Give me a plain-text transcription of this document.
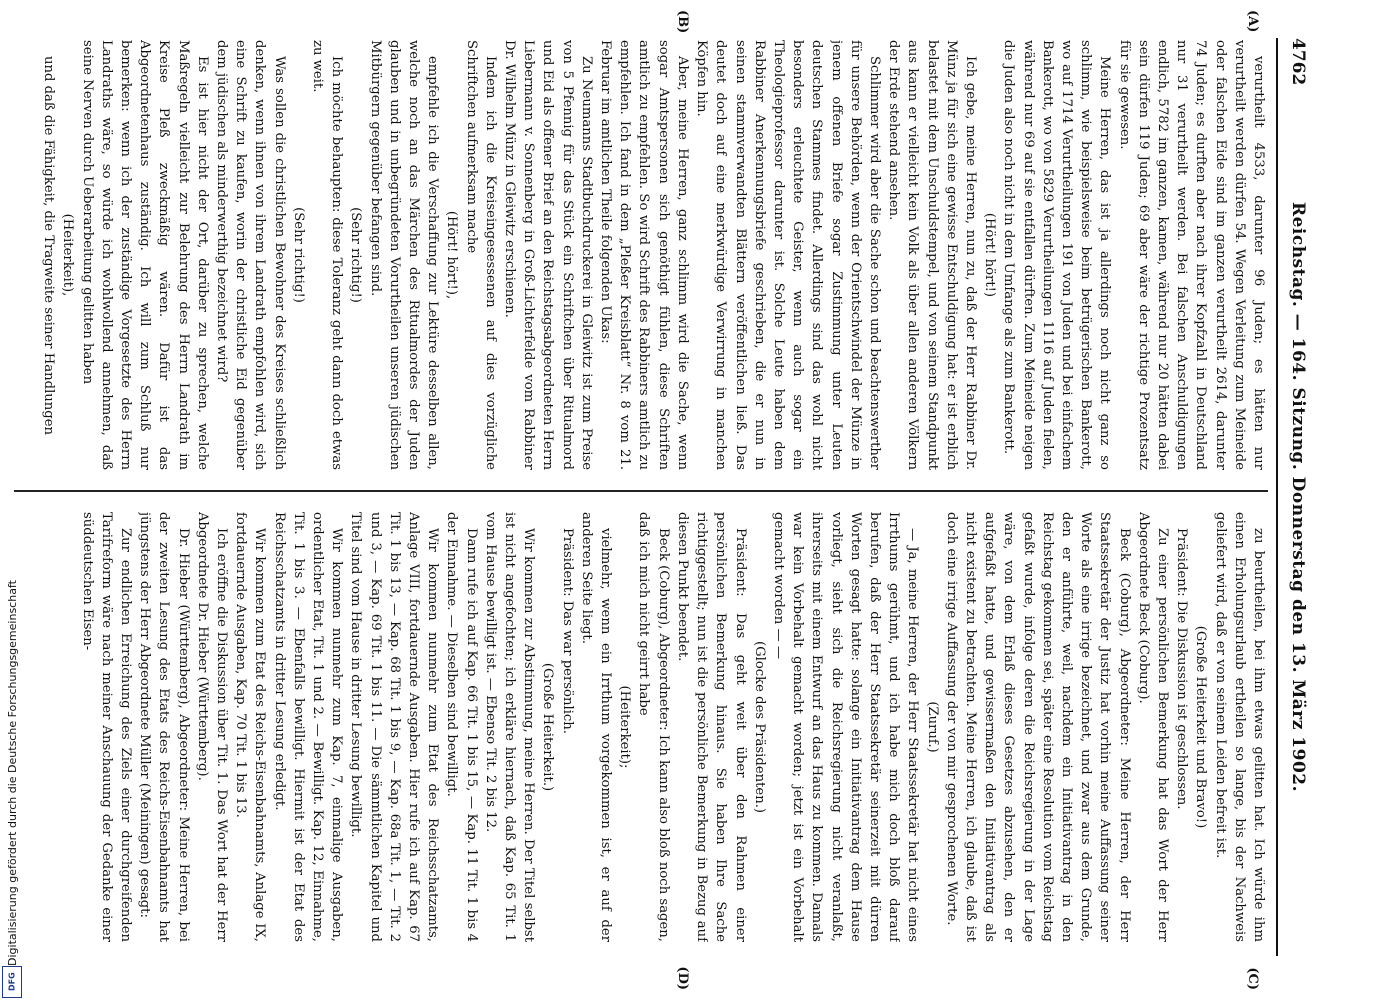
4762
Reichstag. — 164. Sitzung. Donnerstag den 13. März 1902.
(A)
(B)
(C)
(D)

verurtheilt 4533, darunter 96 Juden; es hätten nur verurtheilt werden dürfen 54. Wegen Verleitung zum Meineide oder falschen Eide sind im ganzen verurtheilt 2614, darunter 74 Juden; es durften aber nach ihrer Kopfzahl in Deutschland nur 31 verurtheilt werden. Bei falschen Anschuldigungen endlich, 5782 im ganzen, kamen, während nur 20 hätten dabei sein dürfen 119 Juden; 69 aber wäre der richtige Prozentsatz für sie gewesen.

Meine Herren, das ist ja allerdings noch nicht ganz so schlimm, wie beispielsweise beim betrügerischen Bankerott, wo auf 1714 Verurtheilungen 191 von Juden und bei einfachem Bankerott, wo von 5829 Verurtheilungen 1116 auf Juden fielen, während nur 69 auf sie entfallen dürften. Zum Meineide neigen die Juden also noch nicht in dem Umfange als zum Bankerott.

(Hört! hört!)

Ich gebe, meine Herren, nun zu, daß der Herr Rabbiner Dr. Münz ja für sich eine gewisse Entschuldigung hat: er ist erblich belastet mit dem Unschuldstempel, und von seinem Standpunkt aus kann er vielleicht kein Volk als über allen anderen Völkern der Erde stehend ansehen.

Schlimmer wird aber die Sache schon und beachtenswerther für unsere Behörden, wenn der Orientschwindel der Münze in jenem offenen Briefe sogar Zustimmung unter Leuten deutschen Stammes findet. Allerdings sind das wohl nicht besonders erleuchtete Geister, wenn auch sogar ein Theologieprofessor darunter ist. Solche Leute haben dem Rabbiner Anerkennungsbriefe geschrieben, die er nun in seinen stammverwandten Blättern veröffentlichen ließ. Das deutet doch auf eine merkwürdige Verwirrung in manchen Köpfen hin.

Aber, meine Herren, ganz schlimm wird die Sache, wenn sogar Amtspersonen sich genöthigt fühlen, diese Schriften amtlich zu empfehlen. So wird Schrift des Rabbiners amtlich zu empfehlen. Ich fand in dem „Pleßer Kreisblatt“ Nr. 8 vom 21. Februar im amtlichen Theile folgenden Ukas:

Zu Neumanns Stadtbuchdruckerei in Gleiwitz ist zum Preise von 5 Pfennig für das Stück ein Schriftchen über Ritualmord und Eid als offener Brief an den Reichstagsabgeordneten Herrn Liebermann v. Sonnenberg in Groß-Lichterfelde vom Rabbiner Dr. Wilhelm Münz in Gleiwitz erschienen.

Indem ich die Kreiseingesessenen auf dies vorzügliche Schriftchen aufmerksam mache

(Hört! hört!),

empfehle ich die Verschaffung zur Lektüre desselben allen, welche noch an das Märchen des Ritualmordes der Juden glauben und in unbegründeten Vorurtheilen unseren jüdischen Mitbürgern gegenüber befangen sind.

(Sehr richtig!)

Ich möchte behaupten: diese Toleranz geht dann doch etwas zu weit.

(Sehr richtig!)

Was sollen die christlichen Bewohner des Kreises schließlich denken, wenn ihnen von ihrem Landrath empfohlen wird, sich eine Schrift zu kaufen, worin der christliche Eid gegenüber dem jüdischen als minderwerthig bezeichnet wird?

Es ist hier nicht der Ort, darüber zu sprechen, welche Maßregeln vielleicht zur Belehrung des Herrn Landrath im Kreise Pleß zweckmäßig wären. Dafür ist das Abgeordnetenhaus zuständig. Ich will zum Schluß nur bemerken: wenn ich der zuständige Vorgesetzte des Herrn Landraths wäre, so würde ich wohlwollend annehmen, daß seine Nerven durch Ueberarbeitung gelitten haben

(Heiterkeit),

und daß die Fähigkeit, die Tragweite seiner Handlungen

zu beurtheilen, bei ihm etwas gelitten hat. Ich würde ihm einen Erholungsurlaub ertheilen so lange, bis der Nachweis geliefert wird, daß er von seinem Leiden befreit ist.

(Große Heiterkeit und Bravo!)

Präsident: Die Diskussion ist geschlossen.

Zu einer persönlichen Bemerkung hat das Wort der Herr Abgeordnete Beck (Coburg).

Beck (Coburg), Abgeordneter: Meine Herren, der Herr Staatssekretär der Justiz hat vorhin meine Auffassung seiner Worte als eine irrige bezeichnet, und zwar aus dem Grunde, den er anführte, weil, nachdem ein Initiativantrag in den Reichstag gekommen sei, später eine Resolution vom Reichstag gefaßt wurde, infolge deren die Reichsregierung in der Lage wäre, von dem Erlaß dieses Gesetzes abzusehen, den er aufgefaßt hatte, und gewissermaßen den Initiativantrag als nicht existent zu betrachten. Meine Herren, ich glaube, daß ist doch eine irrige Auffassung der von mir gesprochenen Worte.

(Zuruf.)

— Ja, meine Herren, der Herr Staatssekretär hat nicht eines Irrthums gerühmt, und ich habe mich doch bloß darauf berufen, daß der Herr Staatssekretär seinerzeit mit dürren Worten gesagt hatte: solange ein Initiativantrag dem Hause vorliegt, sieht sich die Reichsregierung nicht veranlaßt, ihrerseits mit einem Entwurf an das Haus zu kommen. Damals war kein Vorbehalt gemacht worden; jetzt ist ein Vorbehalt gemacht worden — —

(Glocke des Präsidenten.)

Präsident: Das geht weit über den Rahmen einer persönlichen Bemerkung hinaus. Sie haben Ihre Sache richtiggestellt; nun ist die persönliche Bemerkung in Bezug auf diesen Punkt beendet.

Beck (Coburg), Abgeordneter: Ich kann also bloß noch sagen, daß ich mich nicht geirrt habe

(Heiterkeit);

vielmehr, wenn ein Irrthum vorgekommen ist, er auf der anderen Seite liegt.

Präsident: Das war persönlich.

(Große Heiterkeit.)

Wir kommen zur Abstimmung, meine Herren. Der Titel selbst ist nicht angefochten; ich erkläre hiernach, daß Kap. 65 Tit. 1 vom Hause bewilligt ist. — Ebenso Tit. 2 bis 12.

Dann rufe ich auf Kap. 66 Tit. 1 bis 15, — Kap. 11 Tit. 1 bis 4 der Einnahme. — Dieselben sind bewilligt.

Wir kommen nunmehr zum Etat des Reichsschatzamts, Anlage VIII, fortdauernde Ausgaben. Hier rufe ich auf Kap. 67 Tit. 1 bis 13, — Kap. 68 Tit. 1 bis 9, — Kap. 68a Tit. 1, — Tit. 2 und 3, — Kap. 69 Tit. 1 bis 11. — Die sämmtlichen Kapitel und Titel sind vom Hause in dritter Lesung bewilligt.

Wir kommen nunmehr zum Kap. 7, einmalige Ausgaben, ordentlicher Etat, Tit. 1 und 2. — Bewilligt. Kap. 12, Einnahme, Tit. 1 bis 3. — Ebenfalls bewilligt. Hiermit ist der Etat des Reichsschatzamts in dritter Lesung erledigt.

Wir kommen zum Etat des Reichs-Eisenbahnamts, Anlage IX, fortdauernde Ausgaben, Kap. 70 Tit. 1 bis 13.

Ich eröffne die Diskussion über Tit. 1. Das Wort hat der Herr Abgeordnete Dr. Hieber (Württemberg).

Dr. Hieber (Württemberg), Abgeordneter: Meine Herren, bei der zweiten Lesung des Etats des Reichs-Eisenbahnamts hat jüngstens der Herr Abgeordnete Müller (Meiningen) gesagt:

Zur endlichen Erreichung des Ziels einer durchgreifenden Tarifreform wäre nach meiner Anschauung der Gedanke einer süddeutschen Eisen-

Digitalisierung gefördert durch die Deutsche Forschungsgemeinschaft
DFG
